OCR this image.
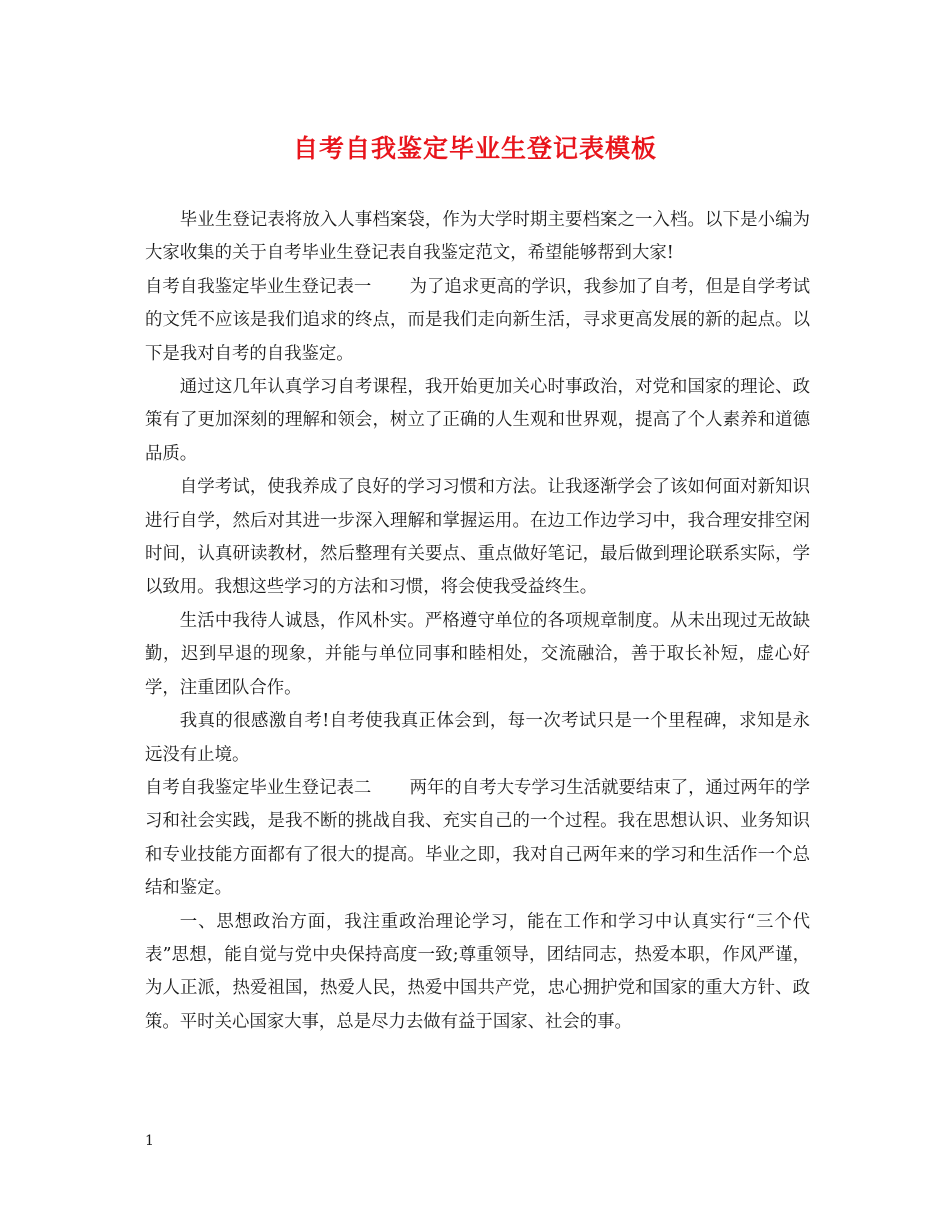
自考自我鉴定毕业生登记表模板

毕业生登记表将放入人事档案袋，作为大学时期主要档案之一入档。以下是小编为大家收集的关于自考毕业生登记表自我鉴定范文，希望能够帮到大家!

自考自我鉴定毕业生登记表一 为了追求更高的学识，我参加了自考，但是自学考试的文凭不应该是我们追求的终点，而是我们走向新生活，寻求更高发展的新的起点。以下是我对自考的自我鉴定。

通过这几年认真学习自考课程，我开始更加关心时事政治，对党和国家的理论、政策有了更加深刻的理解和领会，树立了正确的人生观和世界观，提高了个人素养和道德品质。

自学考试，使我养成了良好的学习习惯和方法。让我逐渐学会了该如何面对新知识进行自学，然后对其进一步深入理解和掌握运用。在边工作边学习中，我合理安排空闲时间，认真研读教材，然后整理有关要点、重点做好笔记，最后做到理论联系实际，学以致用。我想这些学习的方法和习惯，将会使我受益终生。

生活中我待人诚恳，作风朴实。严格遵守单位的各项规章制度。从未出现过无故缺勤，迟到早退的现象，并能与单位同事和睦相处，交流融洽，善于取长补短，虚心好学，注重团队合作。

我真的很感激自考!自考使我真正体会到，每一次考试只是一个里程碑，求知是永远没有止境。

自考自我鉴定毕业生登记表二 两年的自考大专学习生活就要结束了，通过两年的学习和社会实践，是我不断的挑战自我、充实自己的一个过程。我在思想认识、业务知识和专业技能方面都有了很大的提高。毕业之即，我对自己两年来的学习和生活作一个总结和鉴定。

一、思想政治方面，我注重政治理论学习，能在工作和学习中认真实行“三个代表”思想，能自觉与党中央保持高度一致;尊重领导，团结同志，热爱本职，作风严谨，为人正派，热爱祖国，热爱人民，热爱中国共产党，忠心拥护党和国家的重大方针、政策。平时关心国家大事，总是尽力去做有益于国家、社会的事。

1
